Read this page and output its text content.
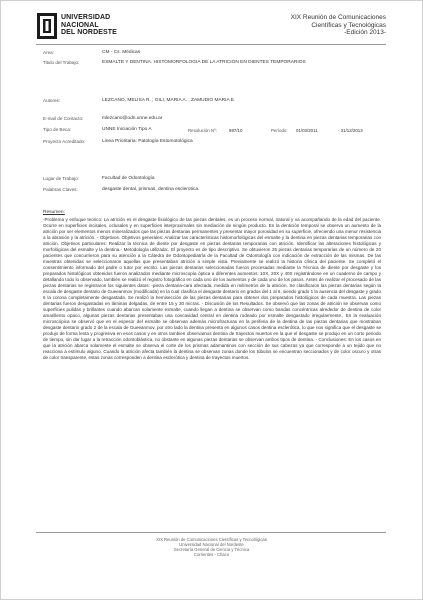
UNIVERSIDAD
NACIONAL
DEL NORDESTE
XIX Reunión de Comunicaciones
Científicas y Tecnológicas
-Edición 2013-
Area:	CM - Cs. Médicas
Titulo del Trabajo:	ESMALTE Y DENTINA. HISTOMORFOLOGIA DE LA ATRICION EN DIENTES TEMPORARIOS
Autores:	LEZCANO, MELISA R. ; GILI, MARIA A. ; ZAMUDIO MARIA E.
E-mail de Contacto:	mlezcano@odn.unne.edu.ar
Tipo de Beca:	UNNE Iniciación Tipo A	Resolución Nº:	987/10	Período: 01/03/2011	- 31/12/2013
Proyecto Acreditado:	Linea Prioritaria: Patología Estomotológica
Lugar de Trabajo:	Facultad de Odontología
Palabras Claves:	desgaste dental, prismas, dentina esclerotica.
Resumen:
-Problema y enfoque teorico: La atrición es el desgaste fisiológico de las piezas dentales, es un proceso normal, natural y va acompañando de la edad del paciente. Ocurre en superficies incisales, oclusales y en superficies interproximales sin mediación de ningún producto. En la dentición temporal se observa un aumento de la atrición por ser elementos menos mineralizados que las piezas dentarias permanentes y presentar mayor porosidad en su superficie, ofreciendo una menor resistencia a la abrasión y la atrición. - Objetivos. Objetivos generales: Analizar las características histomorfológicas del esmalte y la dentina en piezas dentarias temporarias con atrición. Objetivos particulares: Realizar la técnica de diente por desgaste en piezas dentarias temporarias con atrición. Identificar las alteraciones histológicas y morfológicas del esmalte y la dentina.- Metodología utilizada:. El proyecto es de tipo descriptivo. Se obtuvieron 25 piezas dentarias temporarias de un número de 20 pacientes que concurrieron para su atención a la Cátedra de Odontopediatría de la Facultad de Odontología con indicación de extracción de las mismas. De las muestras obtenidas se seleccionaron aquellas que presentaban atrición a simple vista. Previamente se realizó la historia clínica del paciente. Se completó el consentimiento informado del padre o tutor por escrito. Las piezas dentarias seleccionadas fueron procesadas mediante la Técnica de diente por desgaste y los preparados histológicos obtenidos fueron analizados mediante microscopía óptica a diferentes aumentos: 10X, 20X y 40X registrándose en un cuaderno de campo y detallando todo lo observado, también se realizó el registro fotográfico en cada uno de los aumentos y de cada uno de los pasos. Antes de realizar el procesado de las piezas dentarias se registraron los siguientes datos: -pieza dentaria-cara afectada, medida en milímetros de la atrición. Se clasificaron las piezas dentarias según la escala de desgaste dentario de Gueeanmov (modificada) en la cual clasifica el desgaste dentario en grados del 1 al 6, siendo grado 1 la ausencia del desgaste y grado 6 la corona completamente desgastada. Se realizó la hemisección de las piezas dentarias para obtener dos preparados histológicos de cada muestra. Las piezas dentarias fueron desgastadas en láminas delgadas, de entre 15 y 30 micras. - Discusión de los Resultados. Se observó que las zonas de atrición se observan como superficies pulidas y brillantes cuando abarcan solamente esmalte, cuando llegan a dentina se observan como bandas concéntricas alrededor de dentina de color amarillento opaco, algunas piezas dentarias presentaban una concavidad central en dentina rodeado por esmalte desgastado irregularmente., En la evaluación microscópica se observó que en el espesor del esmalte se observan además microfracturas en la periferia de la dentina de las piezas dentarias que mostraban desgaste dentario grado 2 de la escala de Gueeanmov, por otro lado la dentina presenta en algunos casos dentina esclerótica, lo que nos significa que el desgaste se produjo de forma lenta y progresiva en esos casos y en otros tambien observamos dentina de trayectos muertos en la que el desgaste se produjo en un corto periodo de tiempo, sin dar lugar a la retracción odontoblástica, no obstante en algunas piezas dentarias se observan ambos tipos de dentina. - Conclusiones: En los casos en que la atrición abarca solamente el esmalte se observa el corte de los prismas adamantinos con sección de sus cabezas ya que corresponde a un tejido que no reacciona a estímulo alguno. Cuando la atrición afecta también la dentina se observan zonas donde los túbulos se encuentran seccionados y de color oscuro y otras de color transparente, estas zonas corresponden a dentina esclerótica y dentina de trayectos muertos.
XIX Reunión de Comunicaciones Científicas y Tecnológicas
Universidad Nacional del Nordeste
Secretaría General de Ciencia y Técnica
Corrientes - Chaco
